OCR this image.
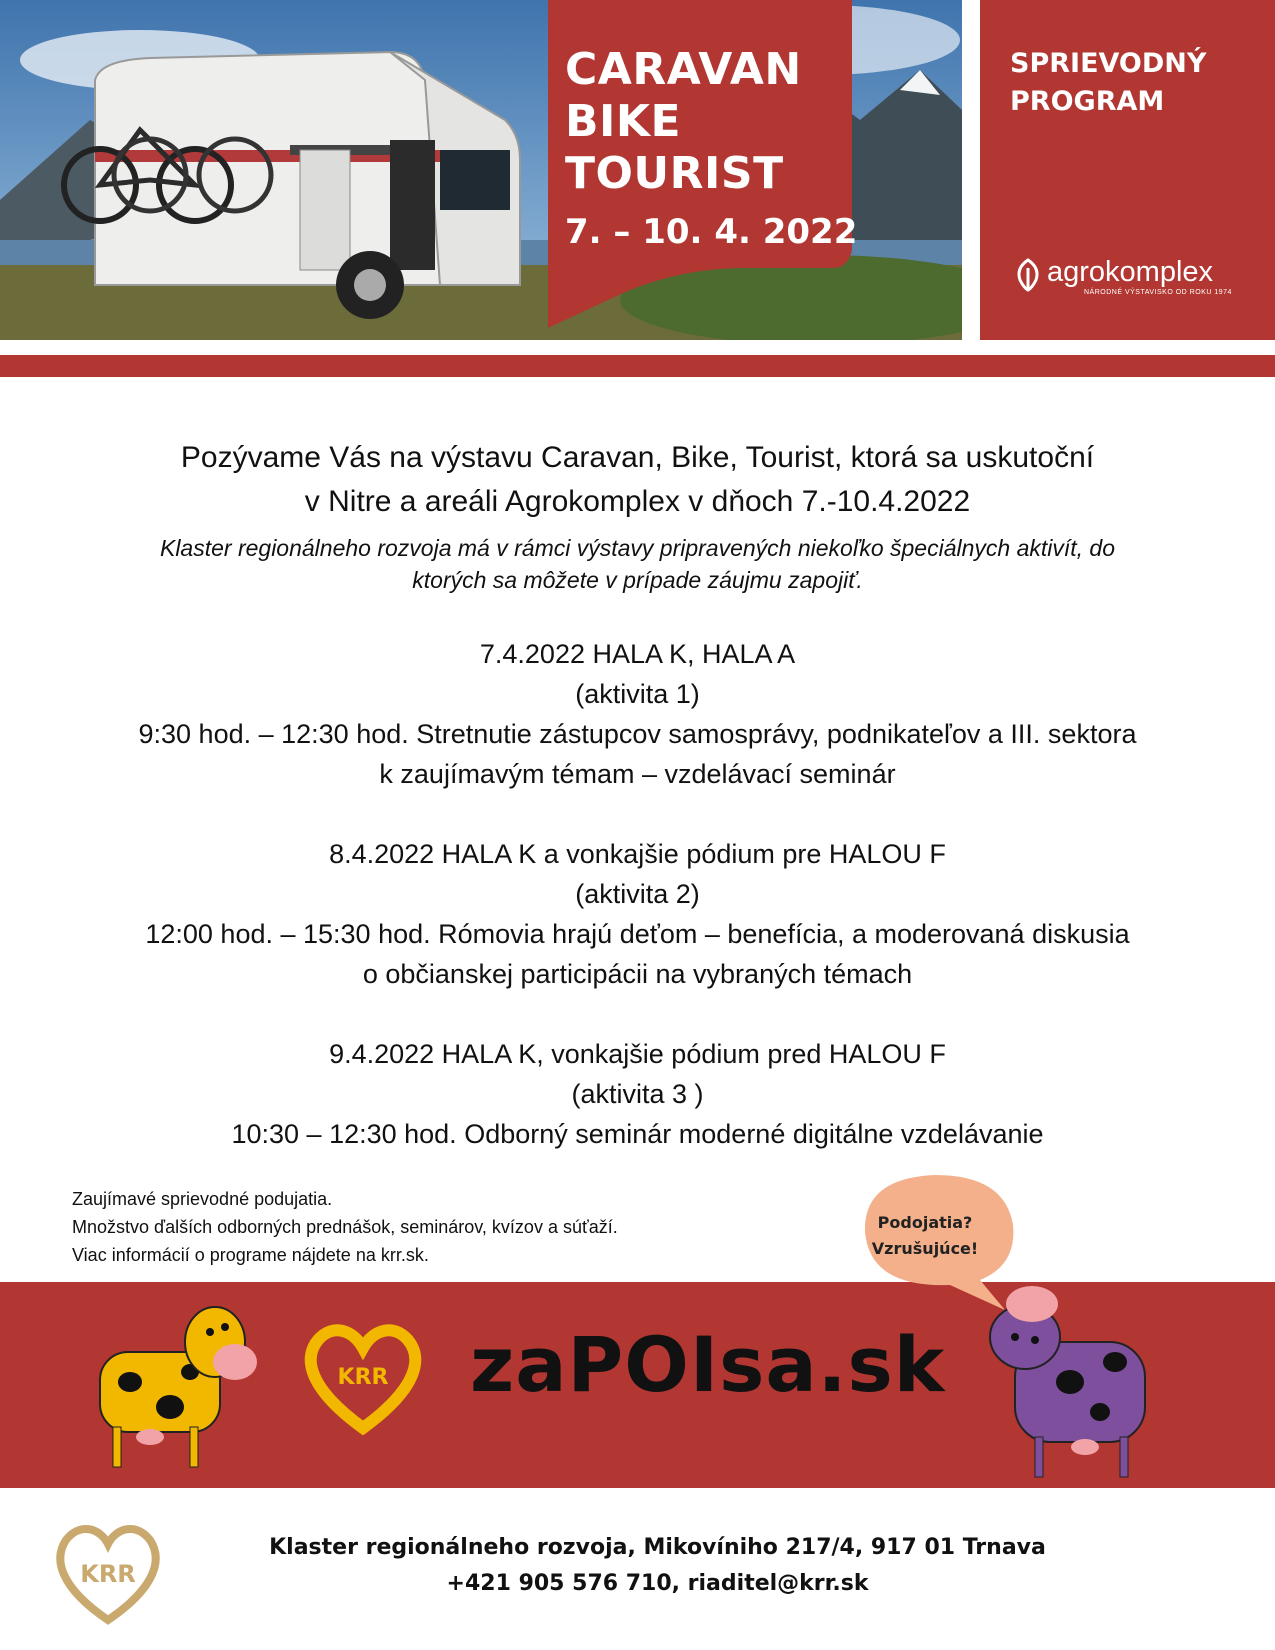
CARAVAN
BIKE
TOURIST
7. – 10. 4. 2022
SPRIEVODNÝ
PROGRAM
agrokomplex
NÁRODNÉ VÝSTAVISKO OD ROKU 1974
Pozývame Vás na výstavu Caravan, Bike, Tourist, ktorá sa uskutoční
v Nitre a areáli Agrokomplex v dňoch 7.-10.4.2022
Klaster regionálneho rozvoja má v rámci výstavy pripravených niekoľko špeciálnych aktivít, do
ktorých sa môžete v prípade záujmu zapojiť.
7.4.2022 HALA K, HALA A
(aktivita 1)
9:30 hod. – 12:30 hod. Stretnutie zástupcov samosprávy, podnikateľov a III. sektora
k zaujímavým témam – vzdelávací seminár
8.4.2022 HALA K a vonkajšie pódium pre HALOU F
(aktivita 2)
12:00 hod. – 15:30 hod. Rómovia hrajú deťom – benefícia, a moderovaná diskusia
o občianskej participácii na vybraných témach
9.4.2022 HALA K, vonkajšie pódium pred HALOU F
(aktivita 3 )
10:30 – 12:30 hod. Odborný seminár moderné digitálne vzdelávanie
Zaujímavé sprievodné podujatia.
Množstvo ďalších odborných prednášok, seminárov, kvízov a súťaží.
Viac informácií o programe nájdete na krr.sk.
Podojatia?
Vzrušujúce!
KRR zaPOIsa.sk
KRR
Klaster regionálneho rozvoja, Mikovíniho 217/4, 917 01 Trnava
+421 905 576 710, riaditel@krr.sk
